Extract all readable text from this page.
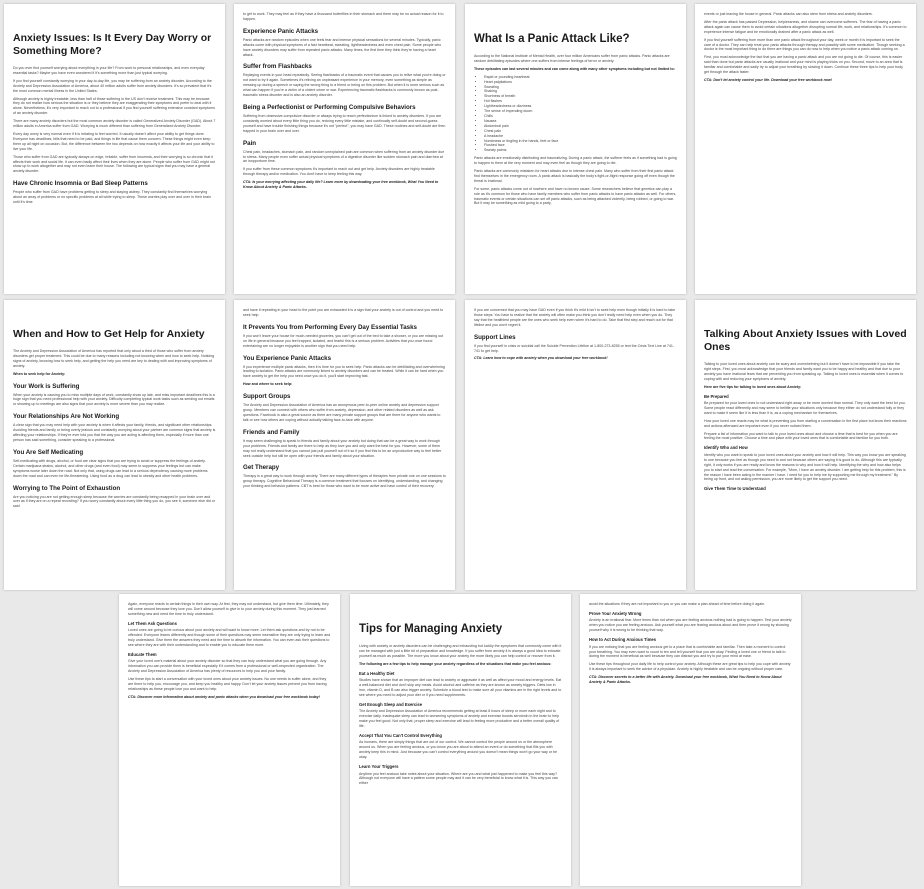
Anxiety Issues: Is It Every Day Worry or Something More?

Do you ever find yourself worrying about everything in your life? From work to personal relationships, and even everyday essential tasks? Maybe you have even wondered if it's something more than just typical worrying.

If you find yourself constantly worrying in your day-to-day life, you may be suffering from an anxiety disorder. According to the Anxiety and Depression Association of America, about 40 million adults suffer from anxiety disorders. It's so prevalent that it's the most common mental illness in the United States.

Although anxiety is highly treatable, less than half of those suffering in the US don't receive treatment. This may be because they do not realize how serious the situation is or they believe they are exaggerating their symptoms and prefer to deal with it alone. Nevertheless, it's very important to reach out to a professional if you find yourself suffering extensive constant symptoms of an anxiety disorder.

There are many anxiety disorders but the most common anxiety disorder is called Generalized Anxiety Disorder (GAD). About 7 million adults in America suffer from GAD. Worrying is much different than suffering from Generalized Anxiety Disorder.

Every day worry is very normal even if it is irritating to feel worried. It usually doesn't affect your ability to get things done. Everyone has deadlines, bills that need to be paid, and things in life that cause them concern. These things might even keep them up all night on occasion. But, the difference between the two depends on how exactly it affects your life and your ability to live your life.

Those who suffer from GAD are typically always on edge, irritable, suffer from insomnia, and their worrying is so chronic that it affects their work and social life. It can even badly affect their lives when they are alone. People who suffer from GAD might not show up to work altogether and may not even leave their house. The following are typical signs that you may have a general anxiety disorder.

Have Chronic Insomnia or Bad Sleep Patterns

People who suffer from GAD have problems getting to sleep and staying asleep. They constantly find themselves worrying about an array of problems or no specific problems at all while trying to sleep. These worries play over and over in their brain until it's time

to get to work. They may feel as if they have a thousand butterflies in their stomach and there may be no actual reason for it to happen.

Experience Panic Attacks

Panic attacks are random episodes when one feels fear and intense physical sensations for several minutes. Typically, panic attacks come with physical symptoms of a fast heartbeat, sweating, lightheadedness and even chest pain. Some people who have anxiety disorders may suffer from repeated panic attacks. Many times, the first time they think they're having a heart attack.

Suffer from Flashbacks

Replaying events in your head repeatedly. Seeing flashbacks of a traumatic event that causes you to relive what you're doing or not want to try it again. Sometimes it's reliving an unpleasant experience in your memory, even something as simple as messing up during a speech or saying the wrong thing to a friend or being on this problem. But when it is more serious such as what can happen if you're a victim of a violent crime or war. Experiencing traumatic flashbacks is commonly known as post-traumatic stress disorder and is also an anxiety disorder.

Being a Perfectionist or Performing Compulsive Behaviors

Suffering from obsessive-compulsive disorder or always trying to reach perfectionism is linked to anxiety disorders. If you are constantly worried about every little thing you do, redoing every little mistake, and continually self-doubt and second-guess yourself and have trouble finishing things because it's not "perfect", you may have GAD. These routines and self-doubt are then trapped in your brain over and over.

Pain

Chest pain, headaches, stomach pain, and random unexplained pain are common when suffering from an anxiety disorder due to stress. Many people even suffer actual physical symptoms of a digestive disorder like sudden stomach pain and diarrhea at an inopportune time.

If you suffer from these common symptoms it's important to reach out and get help. Anxiety disorders are highly treatable through therapy and/or medication. You don't have to keep feeling this way.

CTA: Is your worrying affecting your daily life? Learn more by downloading your free workbook, What You Need to Know About Anxiety & Panic Attacks.

What Is a Panic Attack Like?

According to the National Institute of Mental Health, over four million Americans suffer from panic attacks. Panic attacks are random debilitating episodes where one suffers from intense feelings of terror or anxiety.

These episodes can last several minutes and can come along with many other symptoms including but not limited to:

• Rapid or pounding heartbeat
• Heart palpitations
• Sweating
• Shaking
• Shortness of breath
• Hot flashes
• Lightheadedness or dizziness
• The sense of impending doom
• Chills
• Nausea
• Abdominal pain
• Chest pain
• A headache
• Numbness or tingling in the hands, feet or face
• Flushed face
• Sweaty palms

Panic attacks are emotionally distributing and traumatizing. During a panic attack, the sufferer feels as if something bad is going to happen to them at the very moment and may even feel as though they are going to die.

Panic attacks are commonly mistaken for heart attacks due to intense chest pain. Many who suffer from their first panic attack find themselves in the emergency room. A panic attack is basically the body's fight-or-flight response going off even though the threat is irrational.

For some, panic attacks come out of nowhere and have no known cause. Some researchers believe that genetics can play a role as it's common for those who have family members who suffer from panic attacks to have panic attacks as well. For others, traumatic events or certain situations can set off panic attacks, such as being attacked violently, being robbed, or going to war. But it may be something as mild going to a party,

events or just leaving the house in general. Panic attacks can also stem from stress and anxiety disorders.

After the panic attack has passed Depression, helplessness, and shame can overcome sufferers. The fear of having a panic attack again can cause them to avoid certain situations altogether disrupting normal life, work, and relationships. It's common to experience intense fatigue and be emotionally drained after a panic attack as well.

If you find yourself suffering from more than one panic attack throughout your day, week or month it is important to seek the care of a doctor. They can help treat your panic attacks through therapy and possibly with some medication. Though seeking a doctor is the most important thing to do there are things you can do now to help when you notice a panic attack coming on.

First, you must acknowledge the fact that you are having a panic attack and you are not going to die. Of course, this is easier said than done but panic attacks are usually irrational and your mind is playing tricks on you. Second, move to an area that is familiar and comfortable and sadly try to adjust your breathing by slowing it down. Continue these three tips to help your body get through the attack faster.

CTA: Don't let anxiety control your life. Download your free workbook now!

When and How to Get Help for Anxiety

The Anxiety and Depression Association of America has reported that only about a third of those who suffer from anxiety disorders get proper treatment. This could be due to many reasons including not knowing when and how to seek help. Noticing signs of anxiety, knowing how to seek help, and getting the help you need are key to dealing with and improving symptoms of anxiety.

When to seek help for Anxiety:

Your Work is Suffering

When your anxiety is causing you to miss multiple days of work, constantly show up late, and miss important deadlines this is a huge sign that you need professional help with your anxiety. Difficulty completing typical work tasks such as sending out emails or showing up to meetings are also signs that your anxiety is more severe than you may realize.

Your Relationships Are Not Working

A clear sign that you may need help with your anxiety is when it affects your family, friends, and significant other relationships. Avoiding friends and family or being overly jealous and constantly worrying about your partner are common signs that anxiety is affecting your relationships. If they're ever told you that the way you are acting is affecting them, especially if more than one person has said something, consider speaking to a professional.

You Are Self Medicating

Self-medicating with drugs, alcohol, or food are clear signs that you are trying to avoid or suppress the feelings of anxiety. Certain marijuana strains, alcohol, and other drugs (and even food) may seem to suppress your feelings but can make symptoms worse later down the road. Not only that, using drugs can lead to a serious dependency causing more problems down the road and can even be life-threatening. Using food as a drug can lead to obesity and other health problems.

Worrying to The Point of Exhaustion

Are you noticing you are not getting enough sleep because the worries are constantly being recapped in your brain over and over as if they are on a repeat recording? If you worry constantly about every little thing you do, you see it, someone else did or said

and have it repeating in your head to the point you are exhausted it is a sign that your anxiety is out of control and you need to seek help.

It Prevents You from Performing Every Day Essential Tasks

If you won't leave your house for much-needed groceries, you can't get out of the bed to take a shower, or you are missing out on life in general because you feel trapped, isolated, and fearful this is a serious problem. Activities that you once found entertaining are no longer enjoyable is another sign that you need help.

You Experience Panic Attacks

If you experience multiple panic attacks, then it is time for you to seek help. Panic attacks can be debilitating and overwhelming leading to isolation. Panic attacks are commonly linked to anxiety disorders and can be treated. While it can be hard when you have anxiety to get the help you need once you do it, you'll start improving fast.

How and where to seek help:

Support Groups

The Anxiety and Depression Association of America has an anonymous peer-to-peer online anxiety and depression support group. Members can connect with others who suffer from anxiety, depression, and other related disorders as well as ask questions. Facebook is also a great source as there are many private support groups that are there for anyone who wants to talk or see how others are coping without actually talking face-to-face with anyone.

Friends and Family

It may seem challenging to speak to friends and family about your anxiety but doing that can be a great way to work through your problems. Friends and family are there to help as they love you and only want the best for you. However, some of them may not really understand that you cannot just pull yourself out of it so if you find this to be an unproductive way to feel better seek outside help but still be open with your friends and family about your situation.

Get Therapy

Therapy is a great way to work through anxiety. There are many different types of therapies from private one on one sessions to group therapy. Cognitive Behavioral Therapy is a common treatment that focuses on identifying, understanding, and changing your thinking and behavior patterns. CBT is best for those who want to be more active and have control of their recovery.

If you are concerned that you may have GAD even if you think it's mild it isn't to seek help even though initially it is hard to take those steps. You have to realize that the anxiety will often make you think you don't really need help even when you do. They say that the healthiest people are the ones who seek help even when it's hard to do. Take that first step and reach out for that lifeline and you won't regret it.

Support Lines

If you find yourself in crisis or suicidal call the Suicide Prevention Lifeline at 1-800-273-8255 or text the Crisis Text Line at 741-741 to get help.

CTA: Learn how to cope with anxiety when you download your free workbook!

Talking About Anxiety Issues with Loved Ones

Talking to your loved ones about anxiety can be scary and overwhelming but it doesn't have to be impossible if you take the right steps. First, you must acknowledge that your friends and family want you to be happy and healthy and that due to your anxiety you have irrational fears that are preventing you from speaking up. Talking to loved ones is essential when it comes to coping with and reducing your symptoms of anxiety.

Here are five tips for talking to loved ones about Anxiety:

Be Prepared

Be prepared for your loved ones to not understand right away or be more worried than normal. They only want the best for you. Some people react differently and may seem to belittle your situations only because they either do not understand fully or they want to make it seem like it is less than it is, as a coping mechanism for themselves.

How your loved one reacts may be what is preventing you from starting a conversation in the first place but know their reactions and actions afterward are important even if you never noticed them.

Prepare a list of information you want to talk to your loved ones about and choose a time that is best for you when you are feeling the most positive. Choose a time and place with your loved ones that is comfortable and familiar for you both.

Identify Who and How

Identify who you want to speak to your loved ones about your anxiety and how it will help. This way you know you are speaking to one because you feel as though you need to and not because others are saying it is good to do. Although this are typically right, it only works if you are ready and know the reasons to why and how it will help. Identifying the why and how also helps you to start and lead the conversation. For example, "Mom, I have an anxiety disorder. I am getting help for this problem, this is the reason I have been acting in the manner I have. I need for you to help me by supporting me through my treatment." By being up front, and not asking permission, you are more likely to get the support you need.

Give Them Time to Understand

Again, everyone reacts to certain things in their own way. At first, they may not understand, but give them time. Ultimately, they will come around because they love you. Don't allow yourself to give in to your anxiety during this moment. They just learned something new and need the time to truly understand.

Let Them Ask Questions

Loved ones are going to be curious about your anxiety and will want to know more. Let them ask questions and try not to be offended. Everyone learns differently and though some of their questions may seem insensitive they are only trying to learn and truly understand. Give them the answers they need and the time to absorb the information. You can even ask their questions to see where they are with their understanding and to enable you to educate them more.

Educate Them

Give your loved one's material about your anxiety disorder so that they can truly understand what you are going through. Any information you can provide them is beneficial especially if it comes from a professional or well-respected organization. The Anxiety and Depression Association of America has plenty of resources to help you and your family.

Use these tips to start a conversation with your loved ones about your anxiety issues. No one needs to suffer alone, and they are there to help you, encourage you, and keep you healthy and happy. Don't let your anxiety issues prevent you from having relationships as these people love you and want to help.

CTA: Discover more information about anxiety and panic attacks when you download your free workbook today!

Tips for Managing Anxiety

Living with anxiety or anxiety disorders can be challenging and exhausting but luckily the symptoms that commonly come with it can be managed with just a little bit of preparation and knowledge. If you suffer from anxiety it is always a good idea to educate yourself as much as possible. The more you know about your anxiety the more likely you can help control or recover from it.

The following are a few tips to help manage your anxiety regardless of the situations that make you feel anxious:

Eat a Healthy Diet

Studies have shown that an improper diet can lead to anxiety or aggravate it as well as affect your mood and energy levels. Eat a well-balanced diet and don't skip any meals. Avoid alcohol and caffeine as they are known as anxiety triggers. Diets low in iron, vitamin D, and B can also trigger anxiety. Schedule a blood test to make sure all your vitamins are in the right levels and to see where you need to adjust your diet or if you need supplements.

Get Enough Sleep and Exercise

The Anxiety and Depression Association of America recommends getting at least 8 hours of sleep or more each night and to exercise daily. Inadequate sleep can lead to worsening symptoms of anxiety and exercise boosts serotonin in the brain to help make you feel good. Not only that, proper sleep and exercise will lead to feeling more productive and a better overall quality of life.

Accept That You Can't Control Everything

As humans, there are simply things that are out of our control. We cannot control the people around us or the atmosphere around us. When you are feeling anxious, or you know you are about to attend an event or do something that fills you with anxiety keep this in mind. Just because you can't control everything around you doesn't mean things won't go your way or be okay.

Learn Your Triggers

Anytime you feel anxious take notes about your situation. Where are you and what just happened to make you feel this way? Although not everyone will have a pattern some people may and it can be very beneficial to know what it is. This way you can either

avoid the situations if they are not important to you or you can make a plan ahead of time before doing it again.

Prove Your Anxiety Wrong

Anxiety is an irrational fear. More times than not when you are feeling anxious nothing bad is going to happen. Test your anxiety when you notice you are feeling anxious. Ask yourself what you are fearing anxious about and then prove it wrong by showing yourself why it is wrong to be thinking that way.

How to Act During Anxious Times

If you are noticing that you are feeling anxious get to a place that is comfortable and familiar. Then take a moment to control your breathing. You may even want to count to ten and tell yourself that you are okay. Finding a loved one or friend to talk to during the moment is beneficial as well because they can distract you and try to put your mind at ease.

Use these tips throughout your daily life to help control your anxiety. Although these are great tips to help you cope with anxiety it is always important to seek the advice of a physician. Anxiety is highly treatable and can be ongoing without proper care.

CTA: Discover secrets to a better life with Anxiety. Download your free workbook, What You Need to Know About Anxiety & Panic Attacks.
